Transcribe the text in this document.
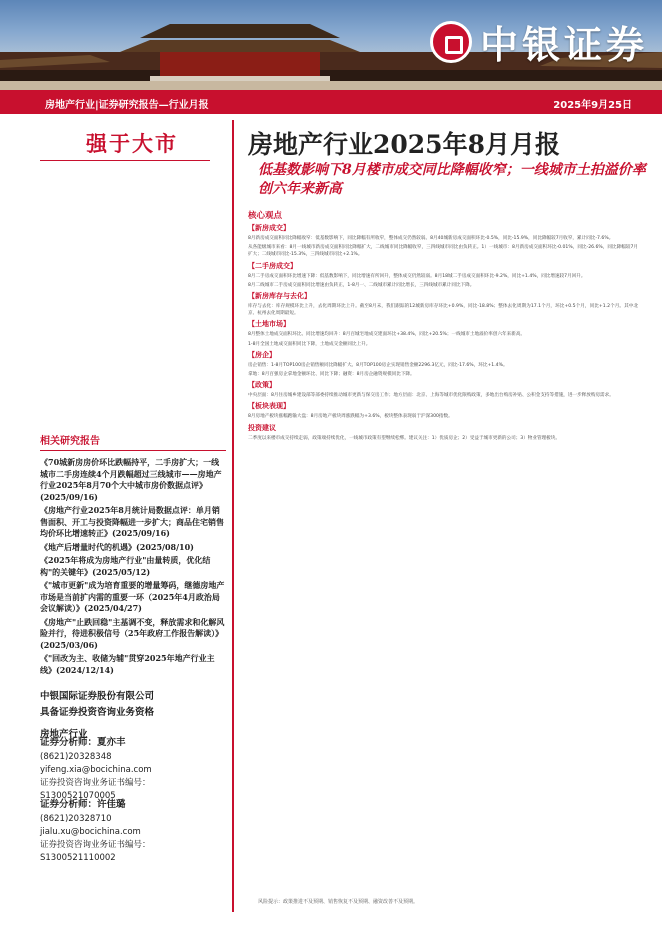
中银证券
房地产行业|证券研究报告—行业月报	2025年9月25日
强于大市	房地产行业2025年8月月报
低基数影响下8月楼市成交同比降幅收窄；一线城市土拍溢价率创六年来新高
相关研究报告
《70城新房房价环比跌幅持平，二手房扩大；一线城市二手房连续4个月跌幅超过三线城市——房地产行业2025年8月70个大中城市房价数据点评》(2025/09/16)
《房地产行业2025年8月统计局数据点评：单月销售面积、开工与投资降幅进一步扩大；商品住宅销售均价环比增速转正》(2025/09/16)
《地产后增量时代的机遇》(2025/08/10)
《2025年将成为房地产行业"由量转质，优化结构"的关键年》(2025/05/12)
《"城市更新"成为培育重要的增量筹码，继德房地产市场是当前扩内需的重要一环（2025年4月政治局会议解读）》(2025/04/27)
《房地产"止跌回稳"主基调不变，释放需求和化解风险并行，待进积极信号（25年政府工作报告解读）》(2025/03/06)
《"回改为主、收储为辅"贯穿2025年地产行业主线》(2024/12/14)
中银国际证券股份有限公司
具备证券投资咨询业务资格
房地产行业
证券分析师：夏亦丰
(8621)20328348
yifeng.xia@bocichina.com
证券投资咨询业务证书编号：S1300521070005
证券分析师：许佳璐
(8621)20328710
jialu.xu@bocichina.com
证券投资咨询业务证书编号：S1300521110002
核心观点
【新房成交】
8月新房成交面积同比降幅收窄：低基数影响下，同比降幅有所收窄，整体成交仍然较弱。8月40城新房成交面积环比-0.5%，同比-15.9%，同比降幅较7月收窄，累计同比-7.6%。
从各能级城市来看：8月一线城市新房成交面积同比降幅扩大，二线城市同比降幅收窄，三四线城市同比由负转正。1）一线城市：8月新房成交面积环比-0.01%，同比-26.6%，同比降幅较7月扩大；二线城市同比-15.3%，三四线城市同比+2.1%。
【二手房成交】
8月二手房成交面积环比增速下降：低基数影响下，同比增速有所回升，整体成交仍然较弱。8月18城二手房成交面积环比-9.2%，同比+1.4%，同比增速较7月回升。
8月二线城市二手房成交面积同比增速由负转正，1-8月一、二线城市累计同比增长，三四线城市累计同比下降。
【新房库存与去化】
库存与去化：库存规模环比上升，去化周期环比上升。截至8月末，我们跟踪的12城新房库存环比+0.9%，同比-18.8%；整体去化周期为17.1个月，环比+0.5个月，同比+1.2个月。其中北京、杭州去化周期最短。
【土地市场】
8月整体土地成交面积环比、同比增速均回升：8月百城宅地成交建面环比+38.4%，同比+20.5%；一线城市土地溢价率创六年来新高。
1-8月全国土地成交面积同比下降，土地成交金额同比上升。
【房企】
房企销售：1-8月TOP100房企销售额同比降幅扩大。8月TOP100房企实现销售金额2296.3亿元，同比-17.6%，环比+1.4%。
拿地：8月百强房企拿地金额环比、同比下降；融资：8月房企融资规模同比下降。
【政策】
中央层面：8月住房城乡建设部等部委持续推动城市更新与保交房工作；地方层面：北京、上海等城市优化限购政策，多地出台购房补贴、公积金支持等措施，进一步释放购房需求。
【板块表现】
8月房地产板块涨幅跑输大盘：8月房地产板块周涨跌幅为+3.6%，板块整体表现弱于沪深300指数。
投资建议
二季度以来楼市成交持续走弱，政策端持续优化，一线城市政策有望继续松绑。建议关注：1）优质房企；2）受益于城市更新的公司；3）物业管理板块。
风险提示：政策推进不及预期、销售恢复不及预期、融资改善不及预期。
